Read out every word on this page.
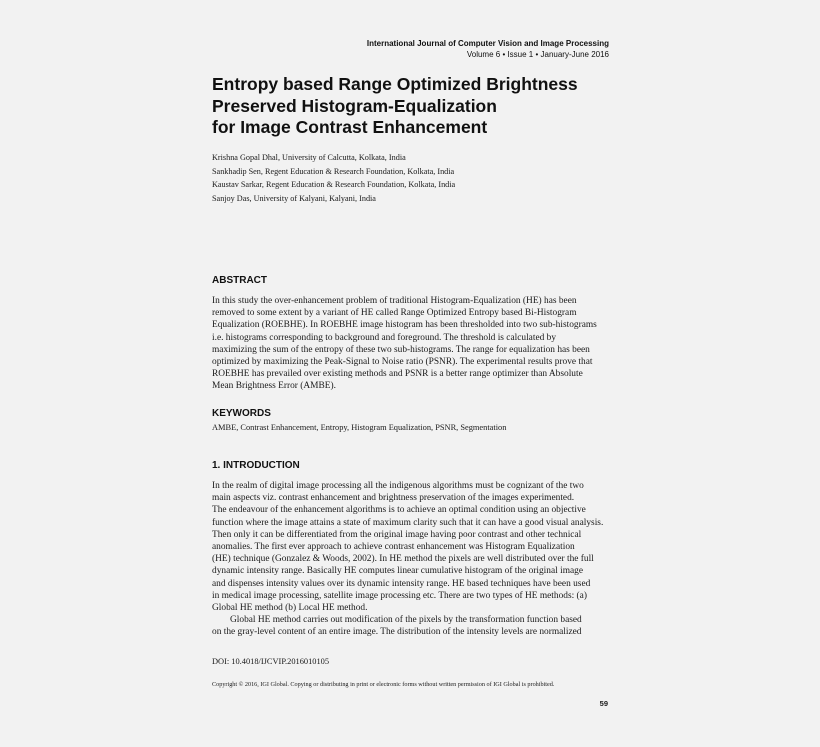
International Journal of Computer Vision and Image Processing
Volume 6 • Issue 1 • January-June 2016
Entropy based Range Optimized Brightness
Preserved Histogram-Equalization
for Image Contrast Enhancement
Krishna Gopal Dhal, University of Calcutta, Kolkata, India
Sankhadip Sen, Regent Education & Research Foundation, Kolkata, India
Kaustav Sarkar, Regent Education & Research Foundation, Kolkata, India
Sanjoy Das, University of Kalyani, Kalyani, India
ABSTRACT
In this study the over-enhancement problem of traditional Histogram-Equalization (HE) has been
removed to some extent by a variant of HE called Range Optimized Entropy based Bi-Histogram
Equalization (ROEBHE). In ROEBHE image histogram has been thresholded into two sub-histograms
i.e. histograms corresponding to background and foreground. The threshold is calculated by
maximizing the sum of the entropy of these two sub-histograms. The range for equalization has been
optimized by maximizing the Peak-Signal to Noise ratio (PSNR). The experimental results prove that
ROEBHE has prevailed over existing methods and PSNR is a better range optimizer than Absolute
Mean Brightness Error (AMBE).
KEYWORDS
AMBE, Contrast Enhancement, Entropy, Histogram Equalization, PSNR, Segmentation
1. INTRODUCTION
In the realm of digital image processing all the indigenous algorithms must be cognizant of the two
main aspects viz. contrast enhancement and brightness preservation of the images experimented.
The endeavour of the enhancement algorithms is to achieve an optimal condition using an objective
function where the image attains a state of maximum clarity such that it can have a good visual analysis.
Then only it can be differentiated from the original image having poor contrast and other technical
anomalies. The first ever approach to achieve contrast enhancement was Histogram Equalization
(HE) technique (Gonzalez & Woods, 2002). In HE method the pixels are well distributed over the full
dynamic intensity range. Basically HE computes linear cumulative histogram of the original image
and dispenses intensity values over its dynamic intensity range. HE based techniques have been used
in medical image processing, satellite image processing etc. There are two types of HE methods: (a)
Global HE method (b) Local HE method.
Global HE method carries out modification of the pixels by the transformation function based
on the gray-level content of an entire image. The distribution of the intensity levels are normalized
DOI: 10.4018/IJCVIP.2016010105
Copyright © 2016, IGI Global. Copying or distributing in print or electronic forms without written permission of IGI Global is prohibited.
59
